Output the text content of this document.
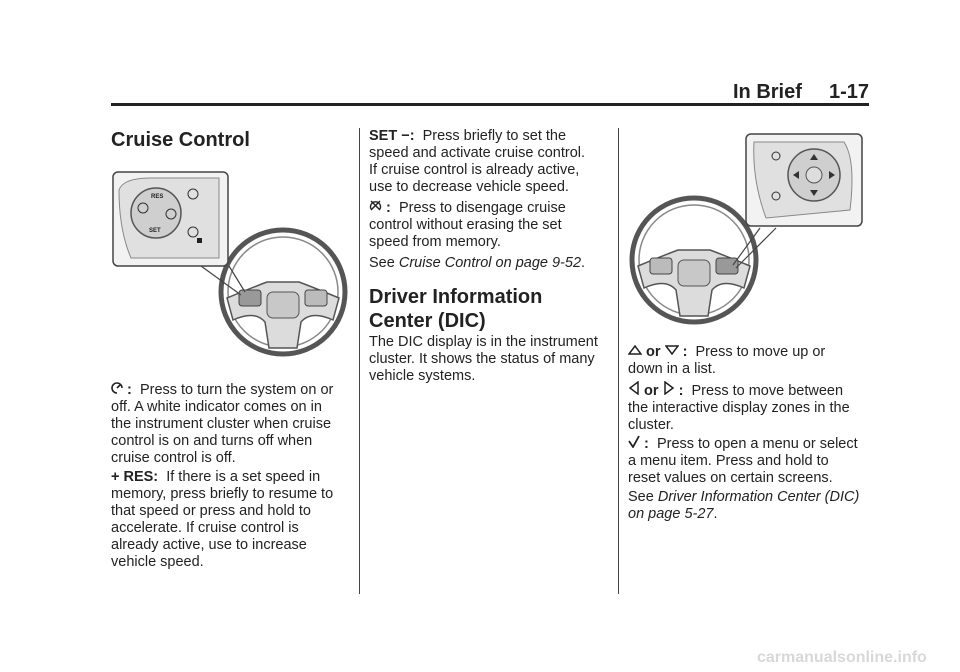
In Brief 1-17
Cruise Control
RES
SET

: Press to turn the system on or
off. A white indicator comes on in
the instrument cluster when cruise
control is on and turns off when
cruise control is off.

+ RES: If there is a set speed in
memory, press briefly to resume to
that speed or press and hold to
accelerate. If cruise control is
already active, use to increase
vehicle speed.

SET −: Press briefly to set the
speed and activate cruise control.
If cruise control is already active,
use to decrease vehicle speed.

: Press to disengage cruise
control without erasing the set
speed from memory.

See Cruise Control on page 9-52.

Driver Information
Center (DIC)

The DIC display is in the instrument
cluster. It shows the status of many
vehicle systems.

or : Press to move up or
down in a list.

or : Press to move between
the interactive display zones in the
cluster.

: Press to open a menu or select
a menu item. Press and hold to
reset values on certain screens.

See Driver Information Center (DIC)
on page 5-27.

carmanualsonline.info
